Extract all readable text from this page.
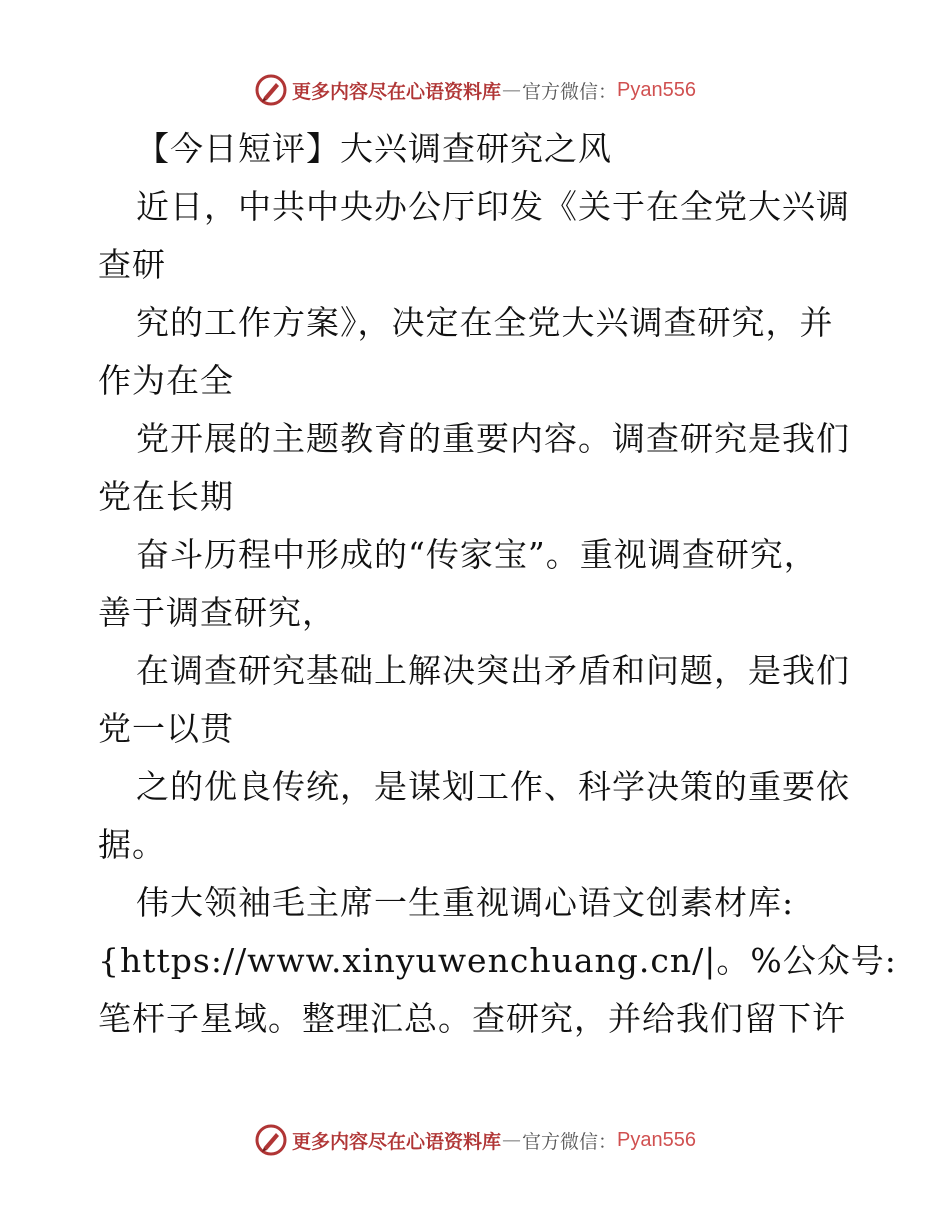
更多内容尽在心语资料库 — 官方微信： Pyan556
【今日短评】大兴调查研究之风
近日，中共中央办公厅印发《关于在全党大兴调
查研
究的工作方案》，决定在全党大兴调查研究，并
作为在全
党开展的主题教育的重要内容。调查研究是我们
党在长期
奋斗历程中形成的“传家宝”。重视调查研究，
善于调查研究，
在调查研究基础上解决突出矛盾和问题，是我们
党一以贯
之的优良传统，是谋划工作、科学决策的重要依
据。
伟大领袖毛主席一生重视调心语文创素材库:
{https://www.xinyuwenchuang.cn/|。%公众号:
笔杆子星域。整理汇总。查研究，并给我们留下许
更多内容尽在心语资料库 — 官方微信： Pyan556
